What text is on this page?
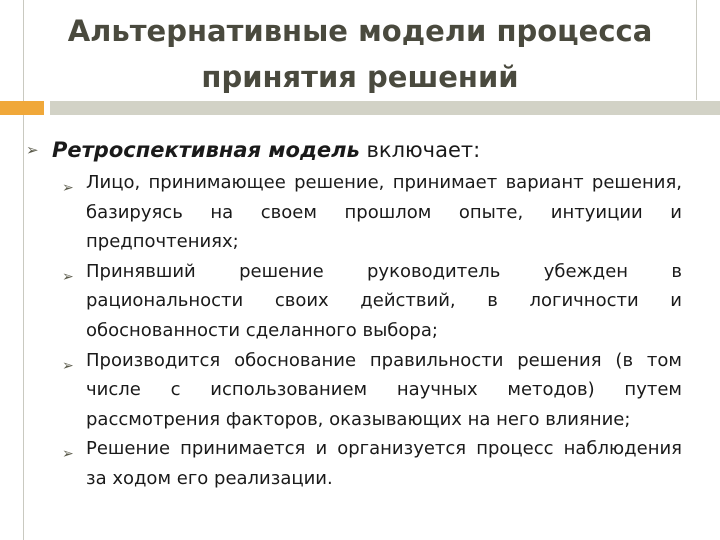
Альтернативные модели процесса
принятия решений
➢ Ретроспективная модель включает:
➢ Лицо, принимающее решение, принимает вариант решения, базируясь на своем прошлом опыте, интуиции и предпочтениях;
➢ Принявший решение руководитель убежден в рациональности своих действий, в логичности и обоснованности сделанного выбора;
➢ Производится обоснование правильности решения (в том числе с использованием научных методов) путем рассмотрения факторов, оказывающих на него влияние;
➢ Решение принимается и организуется процесс наблюдения за ходом его реализации.
